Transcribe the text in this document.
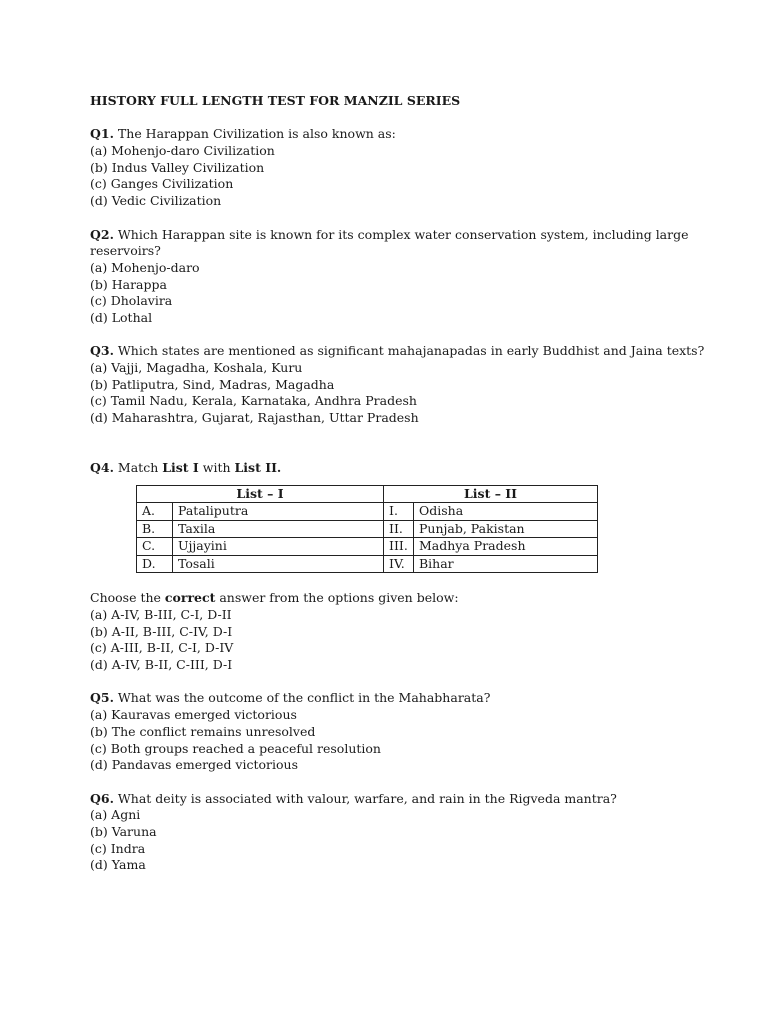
HISTORY FULL LENGTH TEST FOR MANZIL SERIES
Q1. The Harappan Civilization is also known as:
(a) Mohenjo-daro Civilization
(b) Indus Valley Civilization
(c) Ganges Civilization
(d) Vedic Civilization
Q2. Which Harappan site is known for its complex water conservation system, including large
reservoirs?
(a) Mohenjo-daro
(b) Harappa
(c) Dholavira
(d) Lothal
Q3. Which states are mentioned as significant mahajanapadas in early Buddhist and Jaina texts?
(a) Vajji, Magadha, Koshala, Kuru
(b) Patliputra, Sind, Madras, Magadha
(c) Tamil Nadu, Kerala, Karnataka, Andhra Pradesh
(d) Maharashtra, Gujarat, Rajasthan, Uttar Pradesh
Q4. Match List I with List II.
List – I		List – II	
A.	Pataliputra	I.	Odisha
B.	Taxila	II.	Punjab, Pakistan
C.	Ujjayini	III.	Madhya Pradesh
D.	Tosali	IV.	Bihar
Choose the correct answer from the options given below:
(a) A-IV, B-III, C-I, D-II
(b) A-II, B-III, C-IV, D-I
(c) A-III, B-II, C-I, D-IV
(d) A-IV, B-II, C-III, D-I
Q5. What was the outcome of the conflict in the Mahabharata?
(a) Kauravas emerged victorious
(b) The conflict remains unresolved
(c) Both groups reached a peaceful resolution
(d) Pandavas emerged victorious
Q6. What deity is associated with valour, warfare, and rain in the Rigveda mantra?
(a) Agni
(b) Varuna
(c) Indra
(d) Yama
